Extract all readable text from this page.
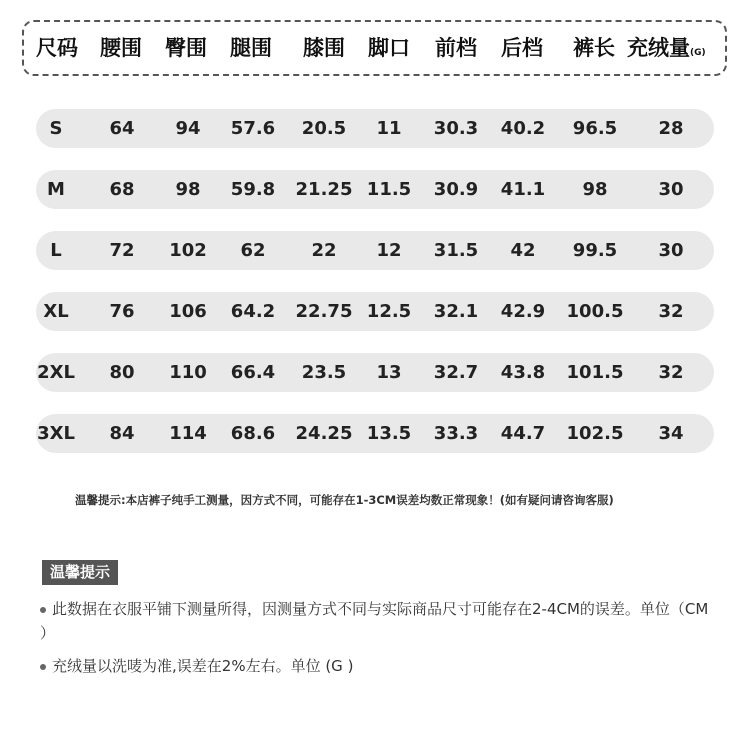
尺码 腰围 臀围 腿围 膝围 脚口 前档 后档 裤长 充绒量(G)
S	64 94 57.6 20.5 11 30.3 40.2 96.5 28
M 68 98 59.8 21.25 11.5 30.9 41.1 98	30
L	72 102 62	22 12 31.5 42 99.5 30
XL 76 106 64.2 22.75 12.5 32.1 42.9 100.5 32
2XL 80 110 66.4 23.5 13 32.7 43.8 101.5 32
3XL 84 114 68.6 24.25 13.5 33.3 44.7 102.5 34
温馨提示:本店裤子纯手工测量，因方式不同，可能存在1-3CM误差均数正常现象！(如有疑问请咨询客服)
温馨提示
此数据在衣服平铺下测量所得，因测量方式不同与实际商品尺寸可能存在2-4CM的误差。单位（CM ）
充绒量以洗唛为准,误差在2%左右。单位 (G )
